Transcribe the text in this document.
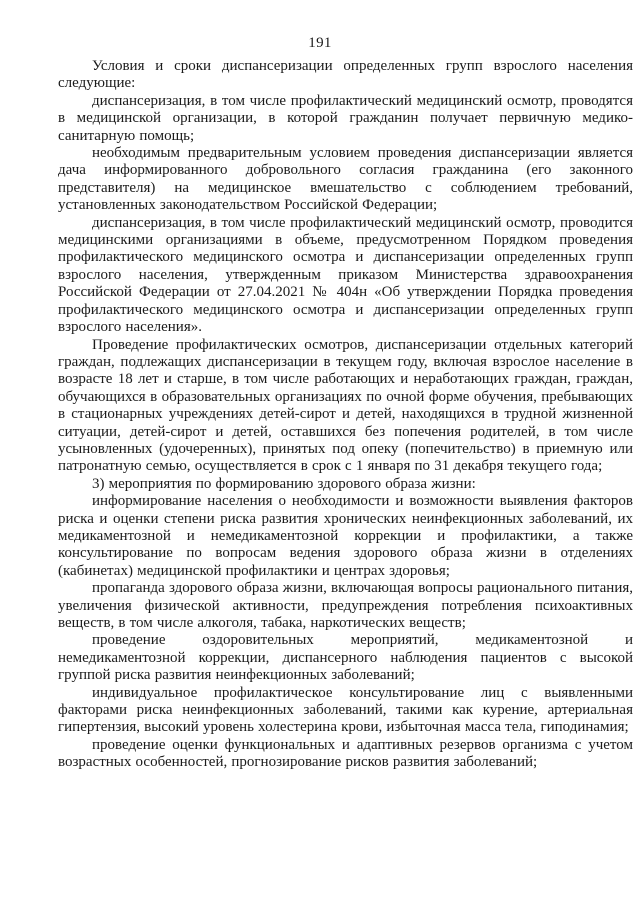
191

Условия и сроки диспансеризации определенных групп взрослого населения следующие:

диспансеризация, в том числе профилактический медицинский осмотр, проводятся в медицинской организации, в которой гражданин получает первичную медико-санитарную помощь;

необходимым предварительным условием проведения диспансеризации является дача информированного добровольного согласия гражданина (его законного представителя) на медицинское вмешательство с соблюдением требований, установленных законодательством Российской Федерации;

диспансеризация, в том числе профилактический медицинский осмотр, проводится медицинскими организациями в объеме, предусмотренном Порядком проведения профилактического медицинского осмотра и диспансеризации определенных групп взрослого населения, утвержденным приказом Министерства здравоохранения Российской Федерации от 27.04.2021 № 404н «Об утверждении Порядка проведения профилактического медицинского осмотра и диспансеризации определенных групп взрослого населения».

Проведение профилактических осмотров, диспансеризации отдельных категорий граждан, подлежащих диспансеризации в текущем году, включая взрослое население в возрасте 18 лет и старше, в том числе работающих и неработающих граждан, граждан, обучающихся в образовательных организациях по очной форме обучения, пребывающих в стационарных учреждениях детей-сирот и детей, находящихся в трудной жизненной ситуации, детей-сирот и детей, оставшихся без попечения родителей, в том числе усыновленных (удочеренных), принятых под опеку (попечительство) в приемную или патронатную семью, осуществляется в срок с 1 января по 31 декабря текущего года;

3) мероприятия по формированию здорового образа жизни:

информирование населения о необходимости и возможности выявления факторов риска и оценки степени риска развития хронических неинфекционных заболеваний, их медикаментозной и немедикаментозной коррекции и профилактики, а также консультирование по вопросам ведения здорового образа жизни в отделениях (кабинетах) медицинской профилактики и центрах здоровья;

пропаганда здорового образа жизни, включающая вопросы рационального питания, увеличения физической активности, предупреждения потребления психоактивных веществ, в том числе алкоголя, табака, наркотических веществ;

проведение оздоровительных мероприятий, медикаментозной и немедикаментозной коррекции, диспансерного наблюдения пациентов с высокой группой риска развития неинфекционных заболеваний;

индивидуальное профилактическое консультирование лиц с выявленными факторами риска неинфекционных заболеваний, такими как курение, артериальная гипертензия, высокий уровень холестерина крови, избыточная масса тела, гиподинамия;

проведение оценки функциональных и адаптивных резервов организма с учетом возрастных особенностей, прогнозирование рисков развития заболеваний;
